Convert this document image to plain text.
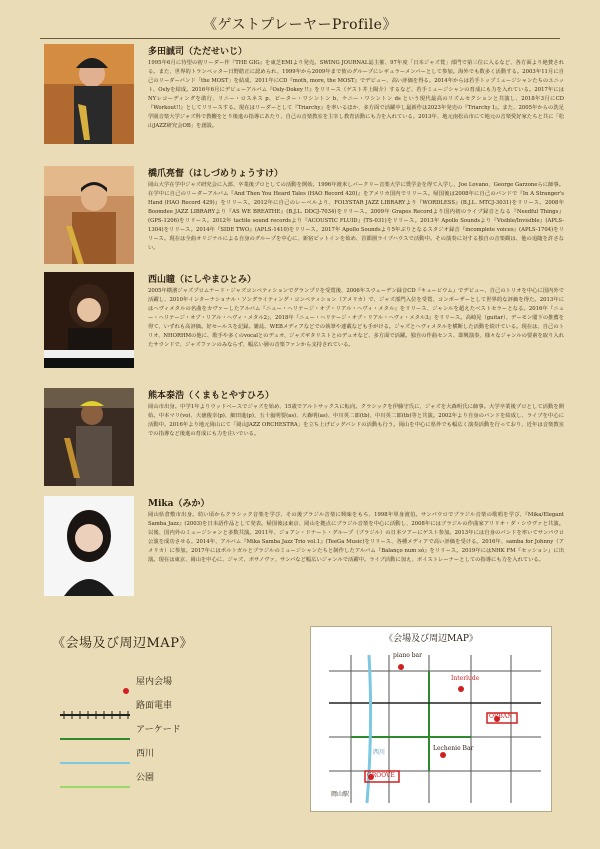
《ゲストプレーヤーProfile》

多田誠司（ただせいじ）

1995年6月に待望の初リーダー作『THE GIG』を東芝EMIより発売。SWING JOURNAL誌主催、97年度「日本ジャズ賞」部門で第三位に入るなど、各方面より絶賛される。また、世界的トランペッター日野皓正に認められ、1999年から2009年まで彼のグループにレギュラーメンバーとして参加。海外でも数多く活動する。2003年11月に自己のリーダーバンド「the MOST」を結成、2011年にCD『moth, more, the MOST』でデビュー、高い評価を得る。2014年からは若手トップミュージシャンたちのユニット、Oslyを結成。2016年6月にデビューアルバム『Osly-Dokey !!』をリリース（ゲスト井上陽介）するなど、若手ミュージシャンの育成にも力を入れている。2017年にはNYレコーディングを敢行、リニー・ロスネス p、ピーター・ワシントン b、ケニー・ワシントン ds という現代最高のリズムセクションと共演し、2018年3月にCD『Workout!!』としてリリースする。現在はリーダーとして『Triarchy』を率いるほか、多方面で活躍中し最新作は2023年発売の『Triarchy Ⅰ』。また、2005年からの洗足学園音楽大学ジャズ科で教鞭をとり後進の指導にあたり、自己の音楽教室を主宰し教育活動にも力を入れている。2013年、地元南松山市にて地元の音楽愛好家たちと共に「松山JAZZ研究会OB」を創設。

橋爪亮督（はしづめりょうすけ）

岡山大学在学中ジャズ研究会に入部、卒業後プロとしての活動を開始。1996年渡米しバークリー音楽大学に奨学金を得て入学し、Joe Lovano、George Garzoneらに師事。在学中に自己のリーダーアルバム『And Then You Heard Tales (HAO Record 420)』をアメリカ国内でリリース。帰国後は2008年に自己のバンドで『In A Stranger's Hand (HAO Record 429)』をリリース。2012年に自己のレーベルより、FOLYSTAR JAZZ LIBRARYより『WORDLESS』(B.J.L. MTCJ-3031)をリリース。2008年 Boomdee JAZZ LIBRARYより『AS WE BREATHE』(B.J.L. DDCJ-7034)をリリース。2009年 Grapes Recordより国内初のライブ録音となる『Needful Things』(GPS-1206)をリリース。2012年 tactile sound recordsより『ACOUSTIC FLUID』(TS-031)をリリース。2013年 Apollo Soundsより『Visible/Invisible』(APLS-1304)をリリース。2014年『SIDE TWO』(APLS-1410)をリリース。2017年 Apollo Soundsより5年ぶりとなるスタジオ録音『incomplete voices』(APLS-1704)をリリース。現在は全曲オリジナルによる自身のグループを中心に、新宿ピットインを始め、首都圏ライブハウスで活動中。その演奏に対する独自の音楽観は、他の追随を許さない。

西山瞳（にしやまひとみ）

2005年横濱ジャズプロムナード・ジャズコンペティションでグランプリを受賞後、2006年スウェーデン録音CD『キュービウム』でデビュー、自己のトリオを中心に国内外で活躍し、2010年インターナショナル・ソングライティング・コンペティション（アメリカ）で、ジャズ部門入位を受賞、コンポーザーとして世界的な評価を得た。2013年にはヘヴィメタルの名曲をカヴァーしたアルバム『ニュー・ヘリテージ・オブ・リアル・ヘヴィ・メタル』をリリース、ジャンルを超えたベストセラーとなる。2016年『ニュー・ヘリテージ・オブ・リアル・ヘヴィ・メタル2』、2018年『ニュー・ヘリテージ・オブ・リアル・ヘヴィ・メタル3』をリリース。高崎晃（guitar）、デーモン閣下の推薦を得て、いずれも高評価。好セールスを記録。雑誌、WEBメディアなどでの執筆や連載なども手がける。ジャズとヘヴィメタルを横断した活動を続けている。現在は、自己のトリオ、NHORHMの他に、歌手や多くのvocalとのデュオ、ジャズギタリストとのデュオなど、多方面で活躍。独自の作曲センス、即興演奏、様々なジャンルの要素を取り入れたサウンドで、ジャズファンのみならず、幅広い層の音楽ファンから支持されている。

熊本泰浩（くまもとやすひろ）

岡山市出身。中学1年よりウッドベースでジャズを始め、15歳でアルトサックスに転向。クラシックを伊藤守氏に、ジャズを大森明氏に師事。大学卒業後プロとして活動を開始。中本マリ(vo)、大徳俊幸(p)、細田進(p)、五十嵐明要(as)、大森明(as)、中川英二郎(tb)、中川英二郎(tb)等と共演。2002年より自身のバンドを結成し、ライブを中心に活動中。2016年より地元岡山にて「岡山JAZZ ORCHESTRA」を立ち上げビッグバンドの活動も行う。岡山を中心に県外でも幅広く演奏活動を行っており、近年は音楽教室での指導など後進の育成にも力を注いでいる。

Mika（みか）

岡山県倉敷市出身。幼い頃からクラシック音楽を学び、その後ブラジル音楽に興味をもち、1998年単身渡伯。サンパウロでブラジル音楽の歌唱を学び、『Mika/Elegant Samba Jazz』(2003)を日本語作品として発表。帰国後は東京、岡山を拠点にブラジル音楽を中心に活動し、2008年にはブラジルの作曲家アリリオ・ダ・シウヴァと共演。以後、国内外のミュージシャンと多数共演。2011年、ジョアン・ドナート・グループ（ブラジル）の日本ツアーにゲスト参加。2013年には自身のバンドを率いてサンパウロ公演を成功させる。2014年、アルバム『Mika Samba Jazz Trio vol.1』(TeeGa Music)をリリース、各種メディアで高い評価を受ける。2016年、samba for Johnny（アメリカ）に参加。2017年にはポルトガルとブラジルのミュージシャンたちと制作したアルバム『Balanço num só』をリリース。2019年にはNHK FM『セッション』に出演。現在は東京、岡山を中心に、ジャズ、ボサノヴァ、サンバなど幅広いジャンルで活躍中。ライブ活動に加え、ボイストレーナーとしての指導にも力を入れている。

《会場及び周辺MAP》
屋内会場
路面電車
アーケード
西川
公園
《会場及び周辺MAP》
piano bar
Interlude
ORBAN
Lechenie Bar
GROOVE
西川
岡山駅
